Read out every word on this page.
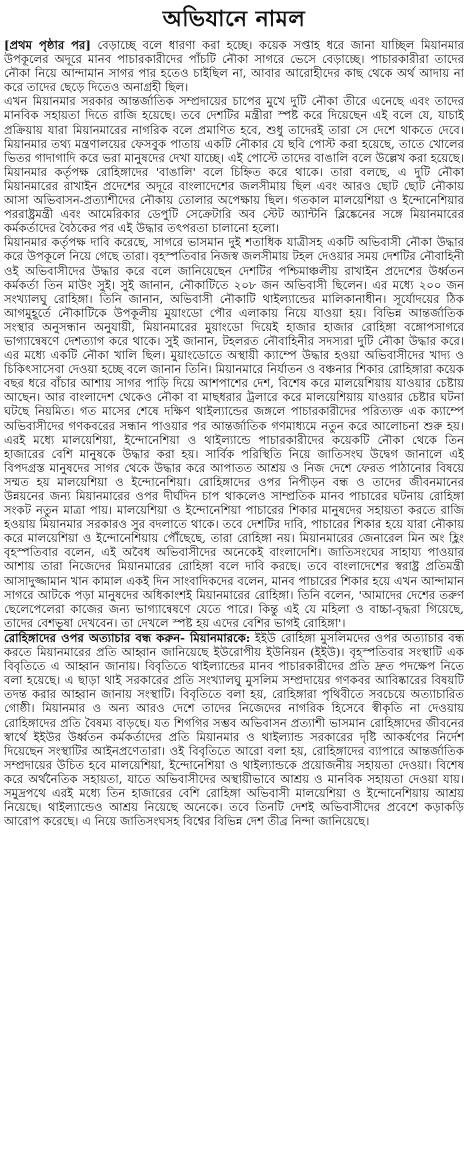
অভিযানে নামল
[প্রথম পৃষ্ঠার পর] বেড়াচ্ছে বলে ধারণা করা হচ্ছে। কয়েক সপ্তাহ ধরে জানা যাচ্ছিল মিয়ানমার উপকূলের অদূরে মানব পাচারকারীদের পাঁচটি নৌকা সাগরে ভেসে বেড়াচ্ছে। পাচারকারীরা তাদের নৌকা নিয়ে আন্দামান সাগর পার হতেও চাইছিল না, আবার আরোহীদের কাছ থেকে অর্থ আদায় না করে তাদের ছেড়ে দিতেও অনাগ্রহী ছিল।
এখন মিয়ানমার সরকার আন্তর্জাতিক সম্প্রদায়ের চাপের মুখে দুটি নৌকা তীরে এনেছে এবং তাদের মানবিক সহায়তা দিতে রাজি হয়েছে। তবে দেশটির মন্ত্রীরা স্পষ্ট করে দিয়েছেন এই বলে যে, যাচাই প্রক্রিয়ায় যারা মিয়ানমারের নাগরিক বলে প্রমাণিত হবে, শুধু তাদেরই তারা সে দেশে থাকতে দেবে। মিয়ানমার তথ্য মন্ত্রণালয়ের ফেসবুক পাতায় একটি নৌকার যে ছবি পোস্ট করা হয়েছে, তাতে খোলের ভিতর গাদাগাদি করে ভরা মানুষদের দেখা যাচ্ছে। এই পোস্টে তাদের বাঙালি বলে উল্লেখ করা হয়েছে। মিয়ানমার কর্তৃপক্ষ রোহিঙ্গাদের 'বাঙালি' বলে চিহ্নিত করে থাকে। তারা বলছে, এ দুটি নৌকা মিয়ানমারের রাখাইন প্রদেশের অদূরে বাংলাদেশের জলসীমায় ছিল এবং আরও ছোট ছোট নৌকায় আসা অভিবাসন-প্রত্যাশীদের নৌকায় তোলার অপেক্ষায় ছিল। গতকাল মালয়েশিয়া ও ইন্দোনেশিয়ার পররাষ্ট্রমন্ত্রী এবং আমেরিকার ডেপুটি সেক্রেটারি অব স্টেট অ্যান্টনি ব্লিঙ্কেনের সঙ্গে মিয়ানমারের কর্মকর্তাদের বৈঠকের পর এই উদ্ধার তৎপরতা চালানো হলো।
মিয়ানমার কর্তৃপক্ষ দাবি করেছে, সাগরে ভাসমান দুই শতাধিক যাত্রীসহ একটি অভিবাসী নৌকা উদ্ধার করে উপকূলে নিয়ে গেছে তারা। বৃহস্পতিবার নিজস্ব জলসীমায় টহল দেওয়ার সময় দেশটির নৌবাহিনী ওই অভিবাসীদের উদ্ধার করে বলে জানিয়েছেন দেশটির পশ্চিমাঞ্চলীয় রাখাইন প্রদেশের উর্ধ্বতন কর্মকর্তা তিন মাউং সুই। সুই জানান, নৌকাটিতে ২০৮ জন অভিবাসী ছিলেন। এর মধ্যে ২০০ জন সংখ্যালঘু রোহিঙ্গা। তিনি জানান, অভিবাসী নৌকাটি থাইল্যান্ডের মালিকানাধীন। সূর্যোদয়ের ঠিক আগমুহূর্তে নৌকাটিকে উপকূলীয় মুয়াংডো পৌর এলাকায় নিয়ে যাওয়া হয়। বিভিন্ন আন্তর্জাতিক সংস্থার অনুসন্ধান অনুযায়ী, মিয়ানমারের মুয়াংডো দিয়েই হাজার হাজার রোহিঙ্গা বঙ্গোপসাগরে ভাগ্যান্বেষণে দেশত্যাগ করে থাকে। সুই জানান, টহলরত নৌবাহিনীর সদস্যরা দুটি নৌকা উদ্ধার করে। এর মধ্যে একটি নৌকা খালি ছিল। মুয়াংডোতে অস্থায়ী ক্যাম্পে উদ্ধার হওয়া অভিবাসীদের খাদ্য ও চিকিৎসাসেবা দেওয়া হচ্ছে বলে জানান তিনি। মিয়ানমারে নির্যাতন ও বঞ্চনার শিকার রোহিঙ্গারা কয়েক বছর ধরে বাঁচার আশায় সাগর পাড়ি দিয়ে আশপাশের দেশ, বিশেষ করে মালয়েশিয়ায় যাওয়ার চেষ্টায় আছেন। আর বাংলাদেশ থেকেও নৌকা বা মাছধরার ট্রলারে করে মালয়েশিয়ায় যাওয়ার চেষ্টার ঘটনা ঘটছে নিয়মিত। গত মাসের শেষে দক্ষিণ থাইল্যান্ডের জঙ্গলে পাচারকারীদের পরিত্যক্ত এক ক্যাম্পে অভিবাসীদের গণকবরের সন্ধান পাওয়ার পর আন্তর্জাতিক গণমাধ্যমে নতুন করে আলোচনা শুরু হয়। এরই মধ্যে মালয়েশিয়া, ইন্দোনেশিয়া ও থাইল্যান্ডে পাচারকারীদের কয়েকটি নৌকা থেকে তিন হাজারের বেশি মানুষকে উদ্ধার করা হয়। সার্বিক পরিস্থিতি নিয়ে জাতিসংঘ উদ্বেগ জানালে এই বিপদগ্রস্ত মানুষদের সাগর থেকে উদ্ধার করে আপাতত আশ্রয় ও নিজ দেশে ফেরত পাঠানোর বিষয়ে সম্মত হয় মালয়েশিয়া ও ইন্দোনেশিয়া। রোহিঙ্গাদের ওপর নিপীড়ন বন্ধ ও তাদের জীবনমানের উন্নয়নের জন্য মিয়ানমারের ওপর দীর্ঘদিন চাপ থাকলেও সাম্প্রতিক মানব পাচারের ঘটনায় রোহিঙ্গা সংকট নতুন মাত্রা পায়। মালয়েশিয়া ও ইন্দোনেশিয়া পাচারের শিকার মানুষদের সহায়তা করতে রাজি হওয়ায় মিয়ানমার সরকারও সুর বদলাতে থাকে। তবে দেশটির দাবি, পাচারের শিকার হয়ে যারা নৌকায় করে মালয়েশিয়া ও ইন্দোনেশিয়ায় পৌঁছেছে, তারা রোহিঙ্গা নয়। মিয়ানমারের জেনারেল মিন অং হ্লিং বৃহস্পতিবার বলেন, এই অবৈধ অভিবাসীদের অনেকেই বাংলাদেশি। জাতিসংঘের সাহায্য পাওয়ার আশায় তারা নিজেদের মিয়ানমারের রোহিঙ্গা বলে দাবি করছে। তবে বাংলাদেশের স্বরাষ্ট্র প্রতিমন্ত্রী আসাদুজ্জামান খান কামাল একই দিন সাংবাদিকদের বলেন, মানব পাচারের শিকার হয়ে এখন আন্দামান সাগরে আটকে পড়া মানুষদের অধিকাংশই মিয়ানমারের রোহিঙ্গা। তিনি বলেন, 'আমাদের দেশের তরুণ ছেলেপেলেরা কাজের জন্য ভাগ্যান্বেষণে যেতে পারে। কিন্তু এই যে মহিলা ও বাচ্চা-বৃদ্ধরা গিয়েছে, তাদের বেশভূষা দেখবেন। তা দেখলে স্পষ্ট হয় এদের বেশির ভাগই রোহিঙ্গা'।
রোহিঙ্গাদের ওপর অত্যাচার বন্ধ করুন- মিয়ানমারকে: ইইউ রোহিঙ্গা মুসলিমদের ওপর অত্যাচার বন্ধ করতে মিয়ানমারের প্রতি আহ্বান জানিয়েছে ইউরোপীয় ইউনিয়ন (ইইউ)। বৃহস্পতিবার সংস্থাটি এক বিবৃতিতে এ আহ্বান জানায়। বিবৃতিতে থাইল্যান্ডের মানব পাচারকারীদের প্রতি দ্রুত পদক্ষেপ নিতে বলা হয়েছে। এ ছাড়া থাই সরকারের প্রতি সংখ্যালঘু মুসলিম সম্প্রদায়ের গণকবর আবিষ্কারের বিষয়টি তদন্ত করার আহ্বান জানায় সংস্থাটি। বিবৃতিতে বলা হয়, রোহিঙ্গারা পৃথিবীতে সবচেয়ে অত্যাচারিত গোষ্ঠী। মিয়ানমার ও অন্য আরও দেশে তাদের নিজেদের নাগরিক হিসেবে স্বীকৃতি না দেওয়ায় রোহিঙ্গাদের প্রতি বৈষম্য বাড়ছে। যত শিগগির সম্ভব অভিবাসন প্রত্যাশী ভাসমান রোহিঙ্গাদের জীবনের স্বার্থে ইইউর উর্ধ্বতন কর্মকর্তাদের প্রতি মিয়ানমার ও থাইল্যান্ড সরকারের দৃষ্টি আকর্ষণের নির্দেশ দিয়েছেন সংস্থাটির আইনপ্রণেতারা। ওই বিবৃতিতে আরো বলা হয়, রোহিঙ্গাদের ব্যাপারে আন্তর্জাতিক সম্প্রদায়ের উচিত হবে মালয়েশিয়া, ইন্দোনেশিয়া ও থাইল্যান্ডকে প্রয়োজনীয় সহায়তা দেওয়া। বিশেষ করে অর্থনৈতিক সহায়তা, যাতে অভিবাসীদের অস্থায়ীভাবে আশ্রয় ও মানবিক সহায়তা দেওয়া যায়। সমুদ্রপথে এরই মধ্যে তিন হাজারের বেশি রোহিঙ্গা অভিবাসী মালয়েশিয়া ও ইন্দোনেশিয়ায় আশ্রয় নিয়েছে। থাইল্যান্ডেও আশ্রয় নিয়েছে অনেকে। তবে তিনটি দেশই অভিবাসীদের প্রবেশে কড়াকড়ি আরোপ করেছে। এ নিয়ে জাতিসংঘসহ বিশ্বের বিভিন্ন দেশ তীব্র নিন্দা জানিয়েছে।
